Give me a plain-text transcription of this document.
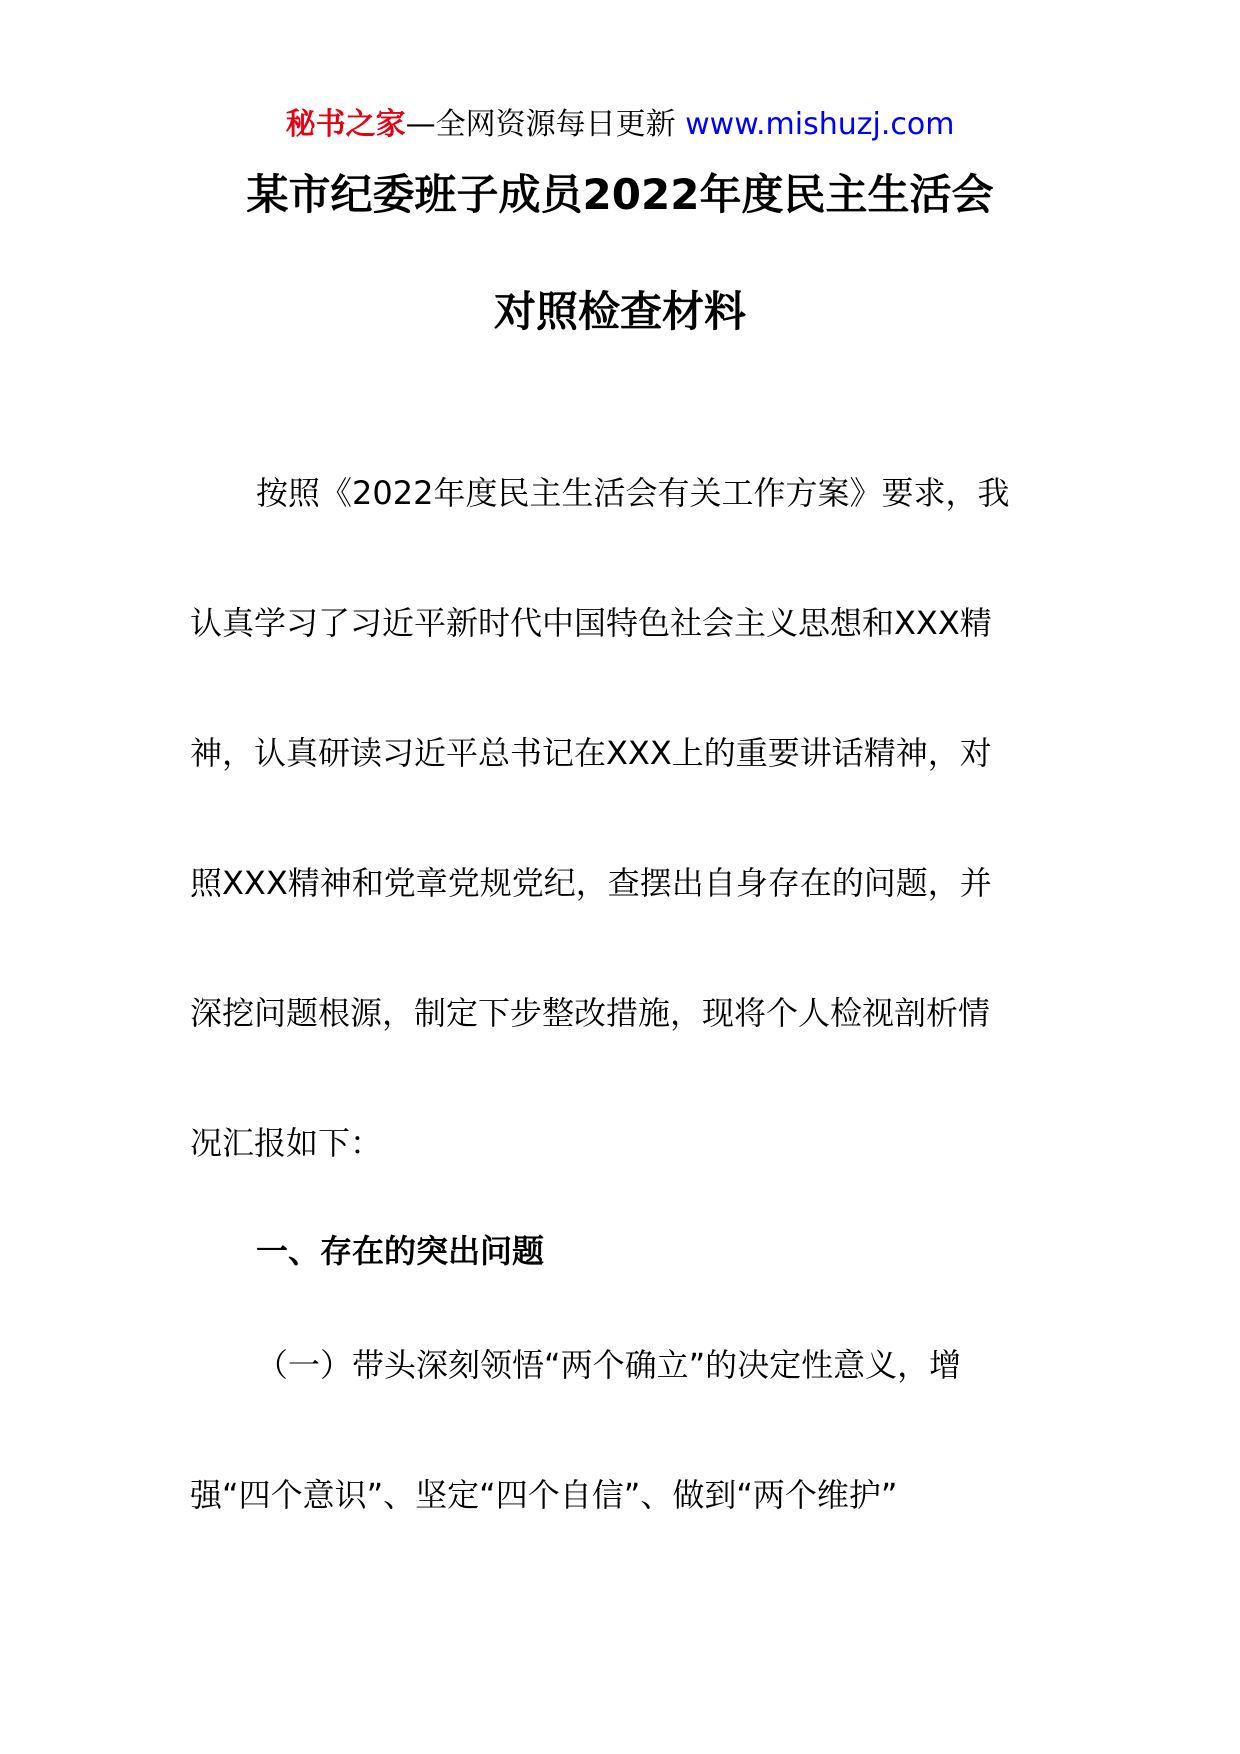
秘书之家—全网资源每日更新 www.mishuzj.com
某市纪委班子成员2022年度民主生活会
对照检查材料
按照《2022年度民主生活会有关工作方案》要求，我
认真学习了习近平新时代中国特色社会主义思想和XXX精
神，认真研读习近平总书记在XXX上的重要讲话精神，对
照XXX精神和党章党规党纪，查摆出自身存在的问题，并
深挖问题根源，制定下步整改措施，现将个人检视剖析情
况汇报如下：
一、存在的突出问题
（一）带头深刻领悟“两个确立”的决定性意义，增
强“四个意识”、坚定“四个自信”、做到“两个维护”
